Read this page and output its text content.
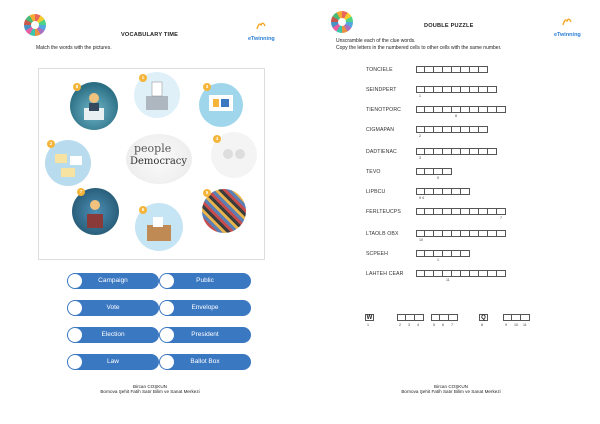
eTwinning
VOCABULARY TIME
Match the words with the pictures.
people
Democracy
1
2
3
4
5
6
7
8
Campaign	Public
Vote	Envelope
Election	President
Law	Ballot Box
Bircan COŞKUN
Bornova Şehit Fatih Satır Bilim ve Sanat Merkezi
eTwinning
DOUBLE PUZZLE
Unscramble each of the clue words.
Copy the letters in the numbered cells to other cells with the same number.
TONCIELE
SEINDPERT
1
TIENOTPORC
8
CIGMAPAN
2
DADTIENAC
3
TEVO
5
LIPBCU
9 4
FERLTEUCPS
7
LTAOLB OBX
10
SCPEEH
1
LAHTEH CEAR
11
1
W
2 3 4	5 6 7	8
Q
9 10 11
Bircan COŞKUN
Bornova Şehit Fatih Satır Bilim ve Sanat Merkezi
